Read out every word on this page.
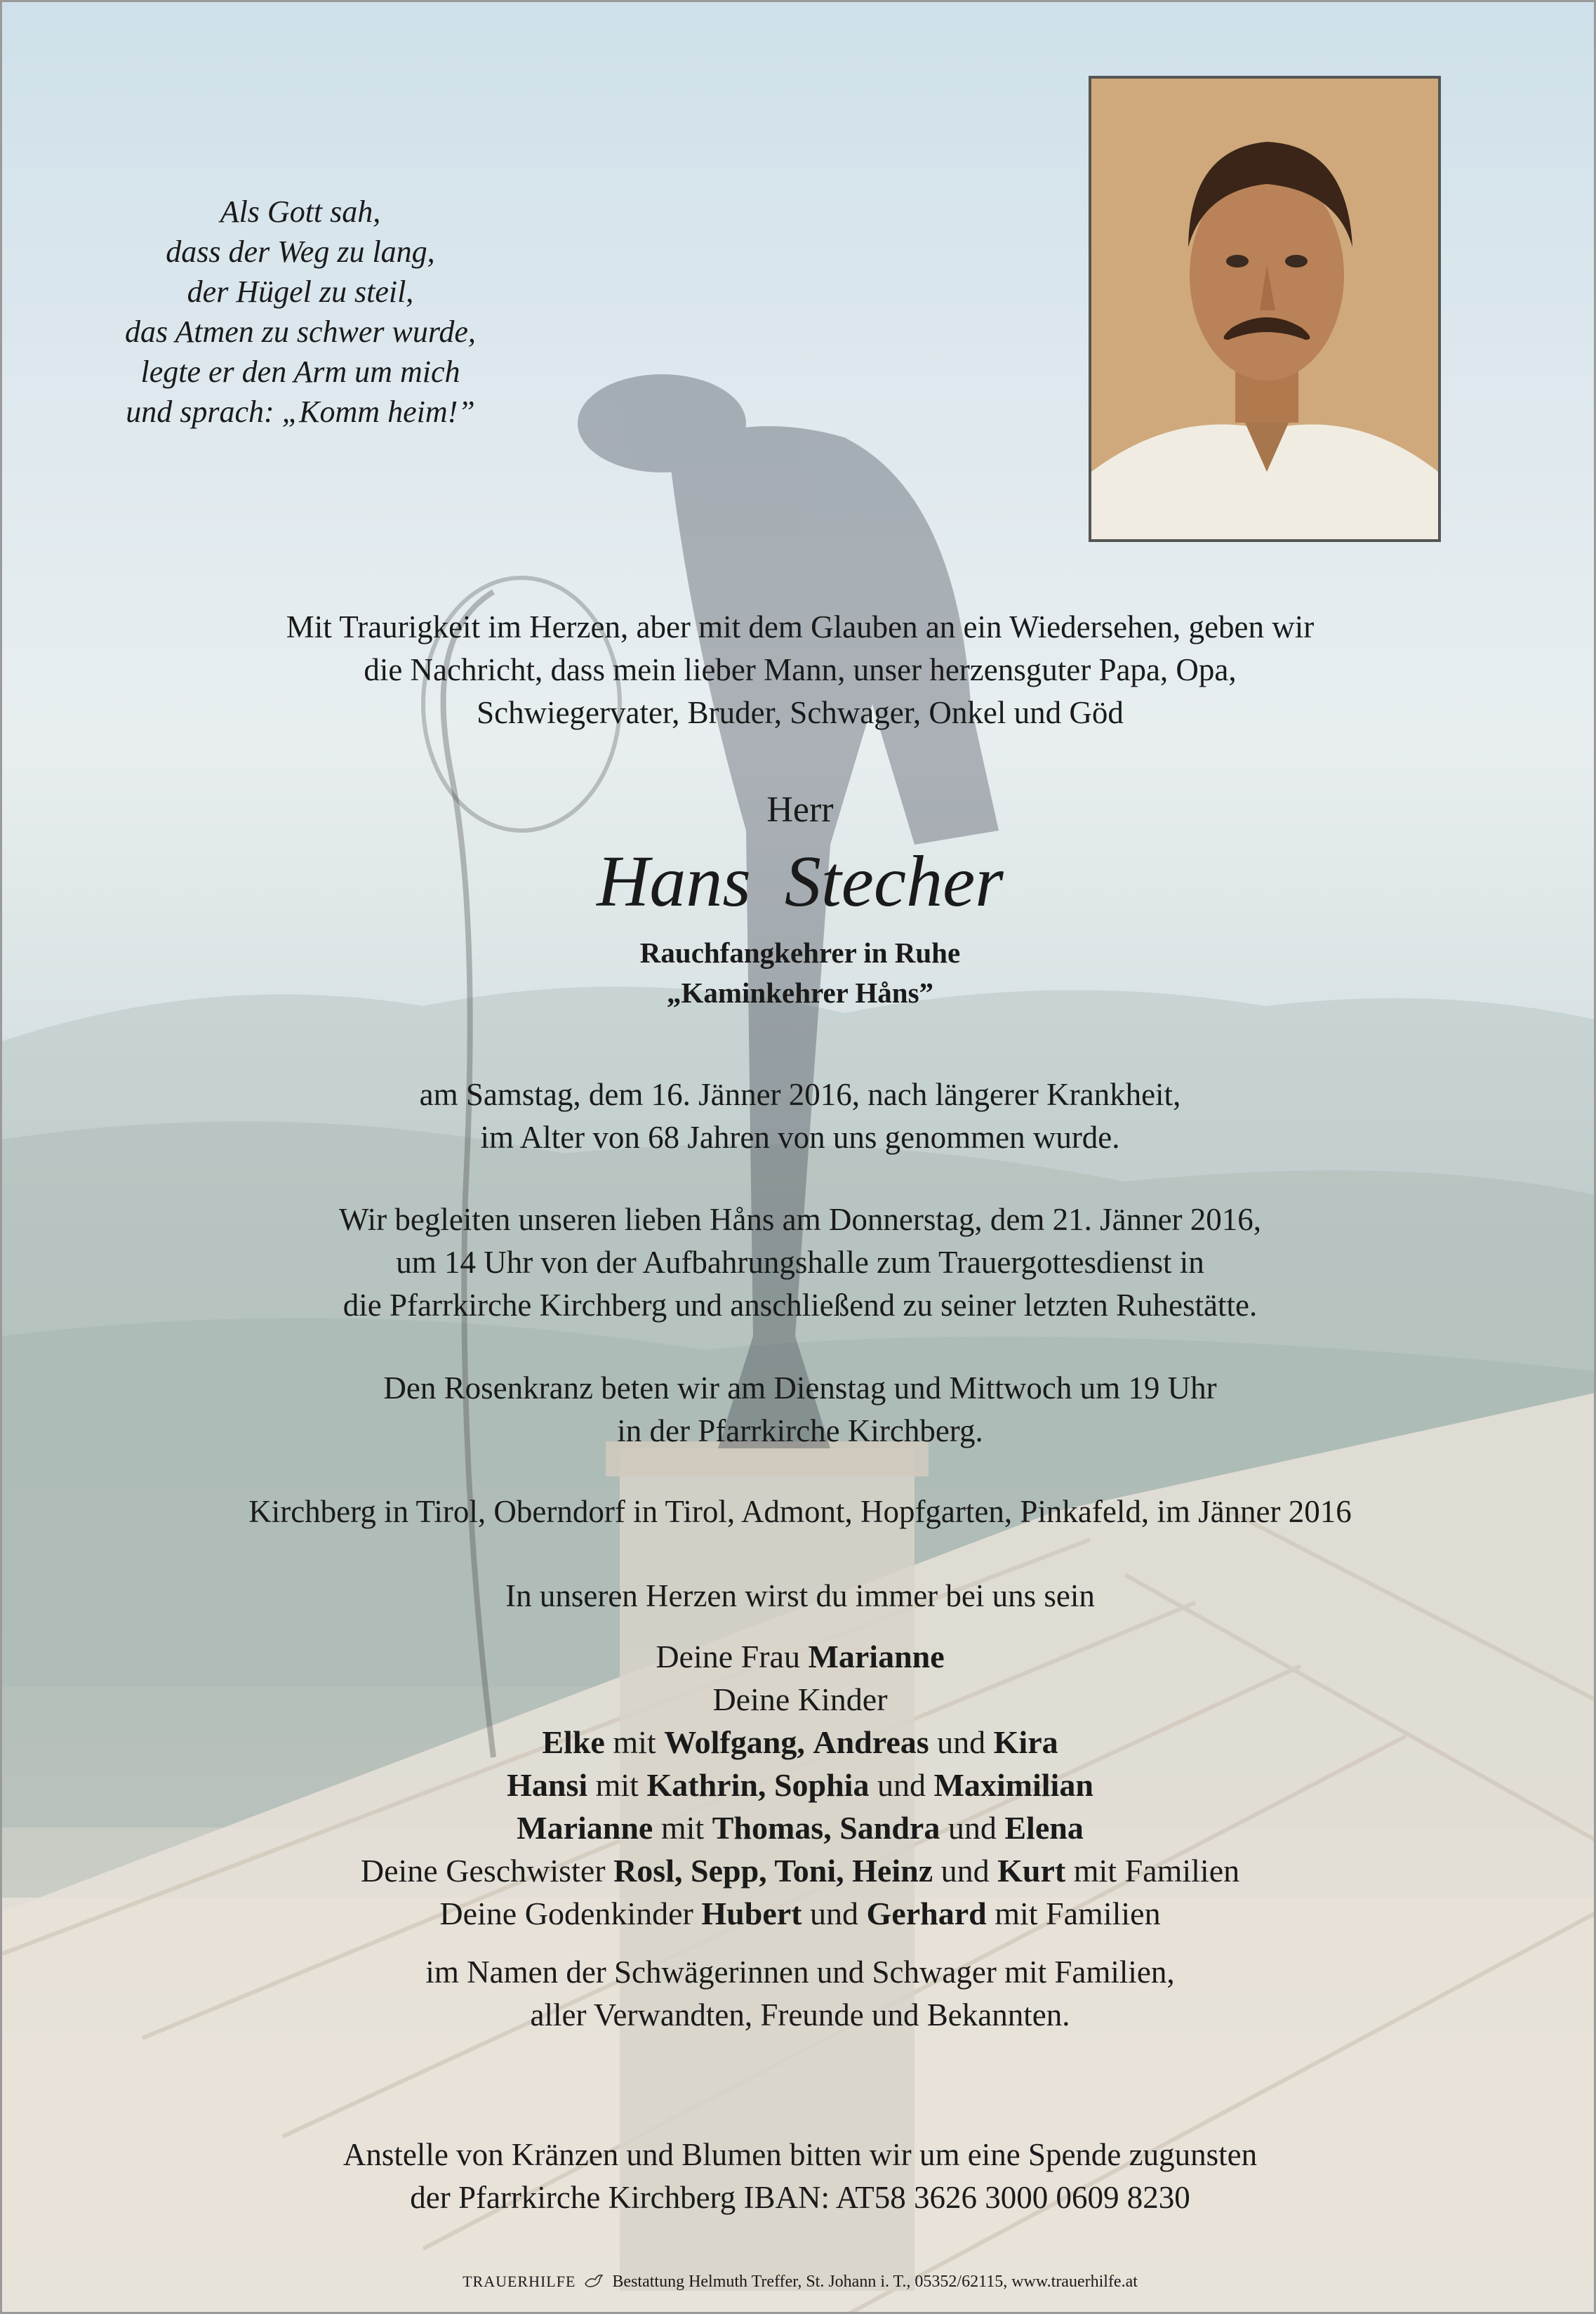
Als Gott sah,
dass der Weg zu lang,
der Hügel zu steil,
das Atmen zu schwer wurde,
legte er den Arm um mich
und sprach: „Komm heim!”
Mit Traurigkeit im Herzen, aber mit dem Glauben an ein Wiedersehen, geben wir
die Nachricht, dass mein lieber Mann, unser herzensguter Papa, Opa,
Schwiegervater, Bruder, Schwager, Onkel und Göd
Herr
Hans Stecher
Rauchfangkehrer in Ruhe
„Kaminkehrer Håns”
am Samstag, dem 16. Jänner 2016, nach längerer Krankheit,
im Alter von 68 Jahren von uns genommen wurde.
Wir begleiten unseren lieben Håns am Donnerstag, dem 21. Jänner 2016,
um 14 Uhr von der Aufbahrungshalle zum Trauergottesdienst in
die Pfarrkirche Kirchberg und anschließend zu seiner letzten Ruhestätte.
Den Rosenkranz beten wir am Dienstag und Mittwoch um 19 Uhr
in der Pfarrkirche Kirchberg.
Kirchberg in Tirol, Oberndorf in Tirol, Admont, Hopfgarten, Pinkafeld, im Jänner 2016
In unseren Herzen wirst du immer bei uns sein
Deine Frau Marianne
Deine Kinder
Elke mit Wolfgang, Andreas und Kira
Hansi mit Kathrin, Sophia und Maximilian
Marianne mit Thomas, Sandra und Elena
Deine Geschwister Rosl, Sepp, Toni, Heinz und Kurt mit Familien
Deine Godenkinder Hubert und Gerhard mit Familien
im Namen der Schwägerinnen und Schwager mit Familien,
aller Verwandten, Freunde und Bekannten.
Anstelle von Kränzen und Blumen bitten wir um eine Spende zugunsten
der Pfarrkirche Kirchberg IBAN: AT58 3626 3000 0609 8230
TRAUERHILFE Bestattung Helmuth Treffer, St. Johann i. T., 05352/62115, www.trauerhilfe.at
